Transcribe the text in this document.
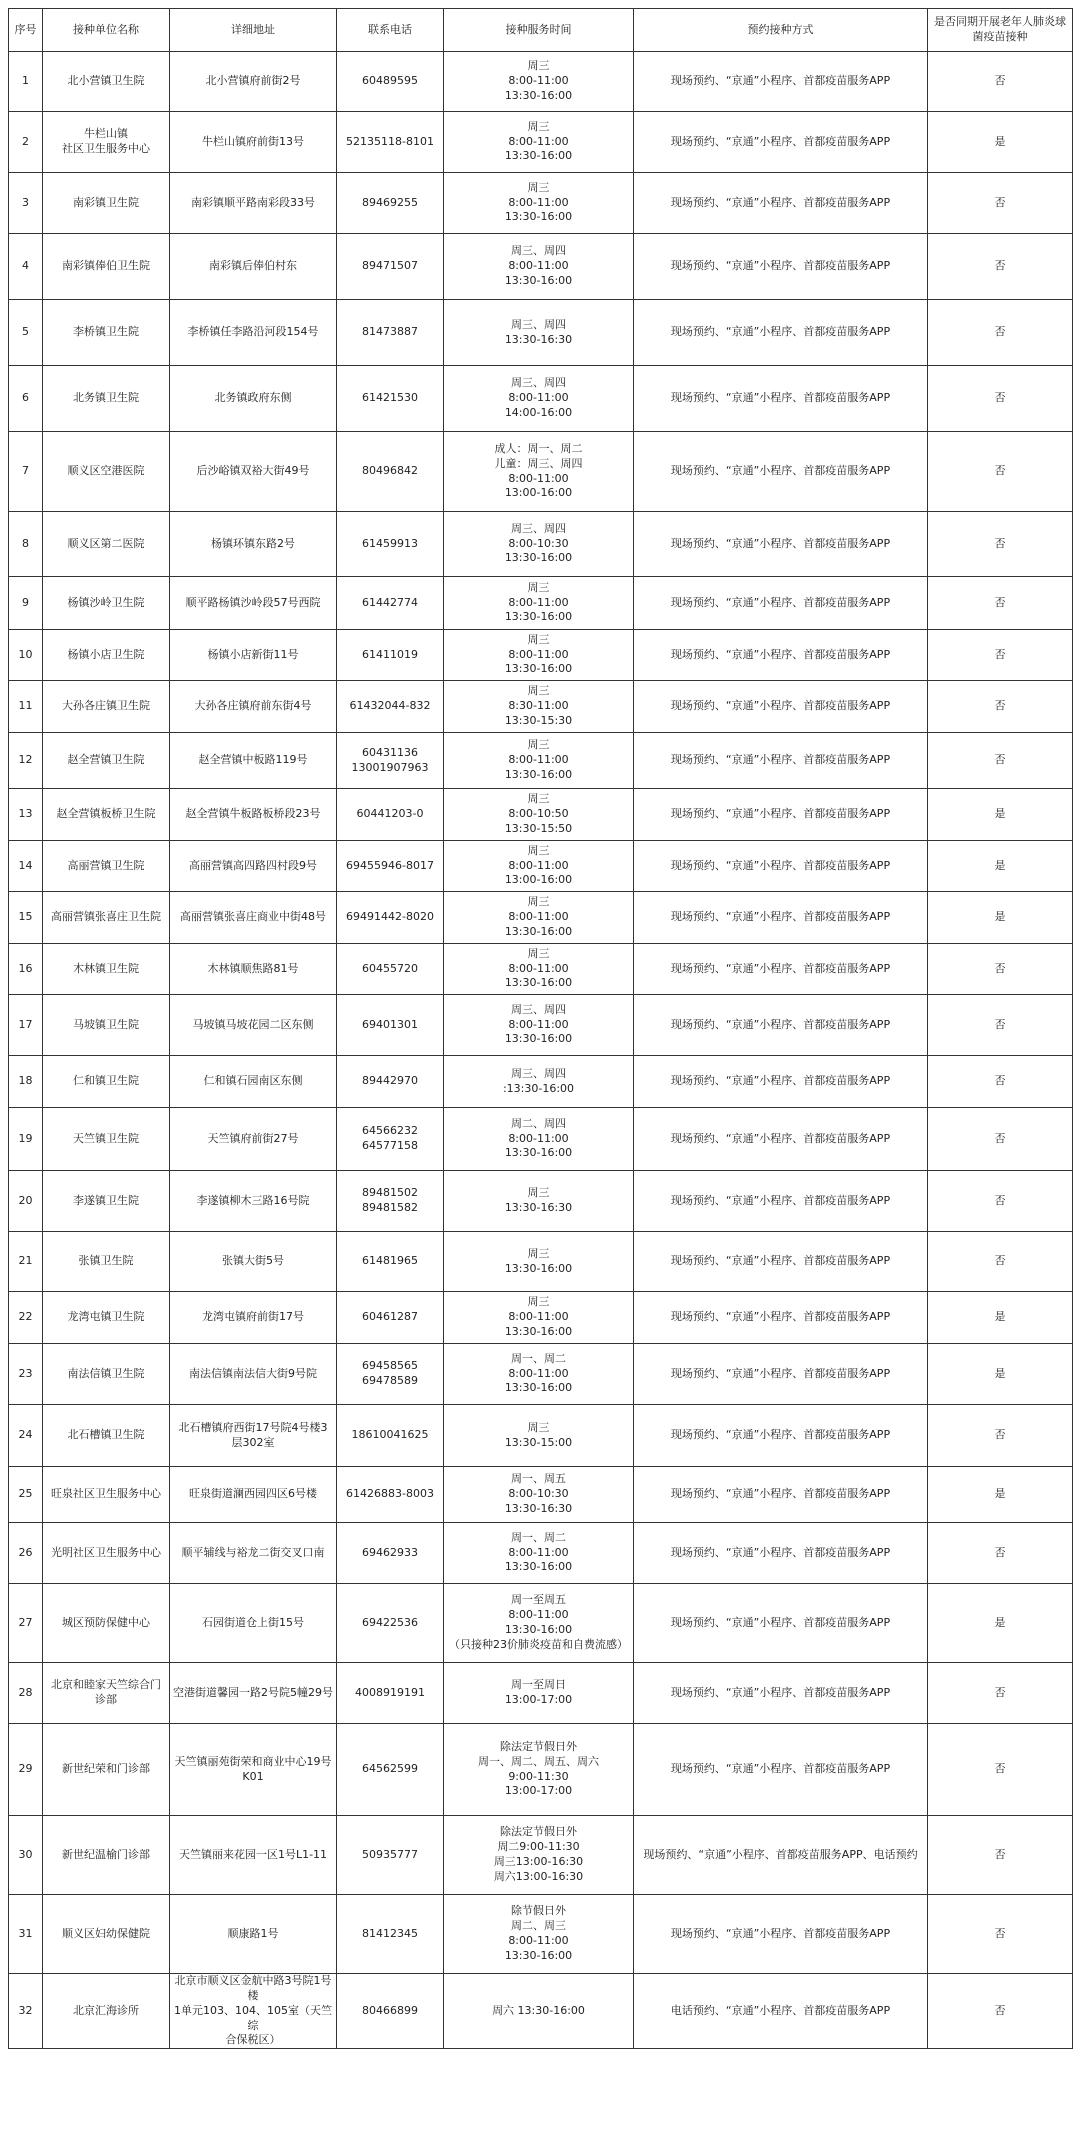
序号	接种单位名称	详细地址	联系电话	接种服务时间	预约接种方式	是否同期开展老年人肺炎球菌疫苗接种

1	北小营镇卫生院	北小营镇府前街2号	60489595	周三
8:00-11:00
13:30-16:00	现场预约、“京通”小程序、首都疫苗服务APP	否

2	牛栏山镇
社区卫生服务中心	牛栏山镇府前街13号	52135118-8101	周三
8:00-11:00
13:30-16:00	现场预约、“京通”小程序、首都疫苗服务APP	是

3	南彩镇卫生院	南彩镇顺平路南彩段33号	89469255	周三
8:00-11:00
13:30-16:00	现场预约、“京通”小程序、首都疫苗服务APP	否

4	南彩镇俸伯卫生院	南彩镇后俸伯村东	89471507	周三、周四
8:00-11:00
13:30-16:00	现场预约、“京通”小程序、首都疫苗服务APP	否

5	李桥镇卫生院	李桥镇任李路沿河段154号	81473887	周三、周四
13:30-16:30	现场预约、“京通”小程序、首都疫苗服务APP	否

6	北务镇卫生院	北务镇政府东侧	61421530	周三、周四
8:00-11:00
14:00-16:00	现场预约、“京通”小程序、首都疫苗服务APP	否

7	顺义区空港医院	后沙峪镇双裕大街49号	80496842	成人：周一、周二
儿童：周三、周四
8:00-11:00
13:00-16:00	现场预约、“京通”小程序、首都疫苗服务APP	否

8	顺义区第二医院	杨镇环镇东路2号	61459913	周三、周四
8:00-10:30
13:30-16:00	现场预约、“京通”小程序、首都疫苗服务APP	否

9	杨镇沙岭卫生院	顺平路杨镇沙岭段57号西院	61442774	周三
8:00-11:00
13:30-16:00	现场预约、“京通”小程序、首都疫苗服务APP	否

10	杨镇小店卫生院	杨镇小店新街11号	61411019	周三
8:00-11:00
13:30-16:00	现场预约、“京通”小程序、首都疫苗服务APP	否

11	大孙各庄镇卫生院	大孙各庄镇府前东街4号	61432044-832	周三
8:30-11:00
13:30-15:30	现场预约、“京通”小程序、首都疫苗服务APP	否

12	赵全营镇卫生院	赵全营镇中板路119号	60431136
13001907963	周三
8:00-11:00
13:30-16:00	现场预约、“京通”小程序、首都疫苗服务APP	否

13	赵全营镇板桥卫生院	赵全营镇牛板路板桥段23号	60441203-0	周三
8:00-10:50
13:30-15:50	现场预约、“京通”小程序、首都疫苗服务APP	是

14	高丽营镇卫生院	高丽营镇高四路四村段9号	69455946-8017	周三
8:00-11:00
13:00-16:00	现场预约、“京通”小程序、首都疫苗服务APP	是

15	高丽营镇张喜庄卫生院	高丽营镇张喜庄商业中街48号	69491442-8020	周三
8:00-11:00
13:30-16:00	现场预约、“京通”小程序、首都疫苗服务APP	是

16	木林镇卫生院	木林镇顺焦路81号	60455720	周三
8:00-11:00
13:30-16:00	现场预约、“京通”小程序、首都疫苗服务APP	否

17	马坡镇卫生院	马坡镇马坡花园二区东侧	69401301	周三、周四
8:00-11:00
13:30-16:00	现场预约、“京通”小程序、首都疫苗服务APP	否

18	仁和镇卫生院	仁和镇石园南区东侧	89442970	周三、周四
:13:30-16:00	现场预约、“京通”小程序、首都疫苗服务APP	否

19	天竺镇卫生院	天竺镇府前街27号	64566232
64577158	周二、周四
8:00-11:00
13:30-16:00	现场预约、“京通”小程序、首都疫苗服务APP	否

20	李遂镇卫生院	李遂镇柳木三路16号院	89481502
89481582	周三
13:30-16:30	现场预约、“京通”小程序、首都疫苗服务APP	否

21	张镇卫生院	张镇大街5号	61481965	周三
13:30-16:00	现场预约、“京通”小程序、首都疫苗服务APP	否

22	龙湾屯镇卫生院	龙湾屯镇府前街17号	60461287	周三
8:00-11:00
13:30-16:00	现场预约、“京通”小程序、首都疫苗服务APP	是

23	南法信镇卫生院	南法信镇南法信大街9号院	69458565
69478589	周一、周二
8:00-11:00
13:30-16:00	现场预约、“京通”小程序、首都疫苗服务APP	是

24	北石槽镇卫生院	北石槽镇府西街17号院4号楼3
层302室	18610041625	周三
13:30-15:00	现场预约、“京通”小程序、首都疫苗服务APP	否

25	旺泉社区卫生服务中心	旺泉街道澜西园四区6号楼	61426883-8003	周一、周五
8:00-10:30
13:30-16:30	现场预约、“京通”小程序、首都疫苗服务APP	是

26	光明社区卫生服务中心	顺平辅线与裕龙二街交叉口南	69462933	周一、周二
8:00-11:00
13:30-16:00	现场预约、“京通”小程序、首都疫苗服务APP	否

27	城区预防保健中心	石园街道仓上街15号	69422536	周一至周五
8:00-11:00
13:30-16:00
（只接种23价肺炎疫苗和自费流感）	现场预约、“京通”小程序、首都疫苗服务APP	是

28	北京和睦家天竺综合门
诊部	空港街道馨园一路2号院5幢29号	4008919191	周一至周日
13:00-17:00	现场预约、“京通”小程序、首都疫苗服务APP	否

29	新世纪荣和门诊部	天竺镇丽苑街荣和商业中心19号
K01	64562599	除法定节假日外
周一、周二、周五、周六
9:00-11:30
13:00-17:00	现场预约、“京通”小程序、首都疫苗服务APP	否

30	新世纪温榆门诊部	天竺镇丽来花园一区1号L1-11	50935777	除法定节假日外
周二9:00-11:30
周三13:00-16:30
周六13:00-16:30	现场预约、“京通”小程序、首都疫苗服务APP、电话预约	否

31	顺义区妇幼保健院	顺康路1号	81412345	除节假日外
周二、周三
8:00-11:00
13:30-16:00	现场预约、“京通”小程序、首都疫苗服务APP	否

32	北京汇海诊所	北京市顺义区金航中路3号院1号楼
1单元103、104、105室（天竺综
合保税区）	80466899	周六 13:30-16:00	电话预约、“京通”小程序、首都疫苗服务APP	否
